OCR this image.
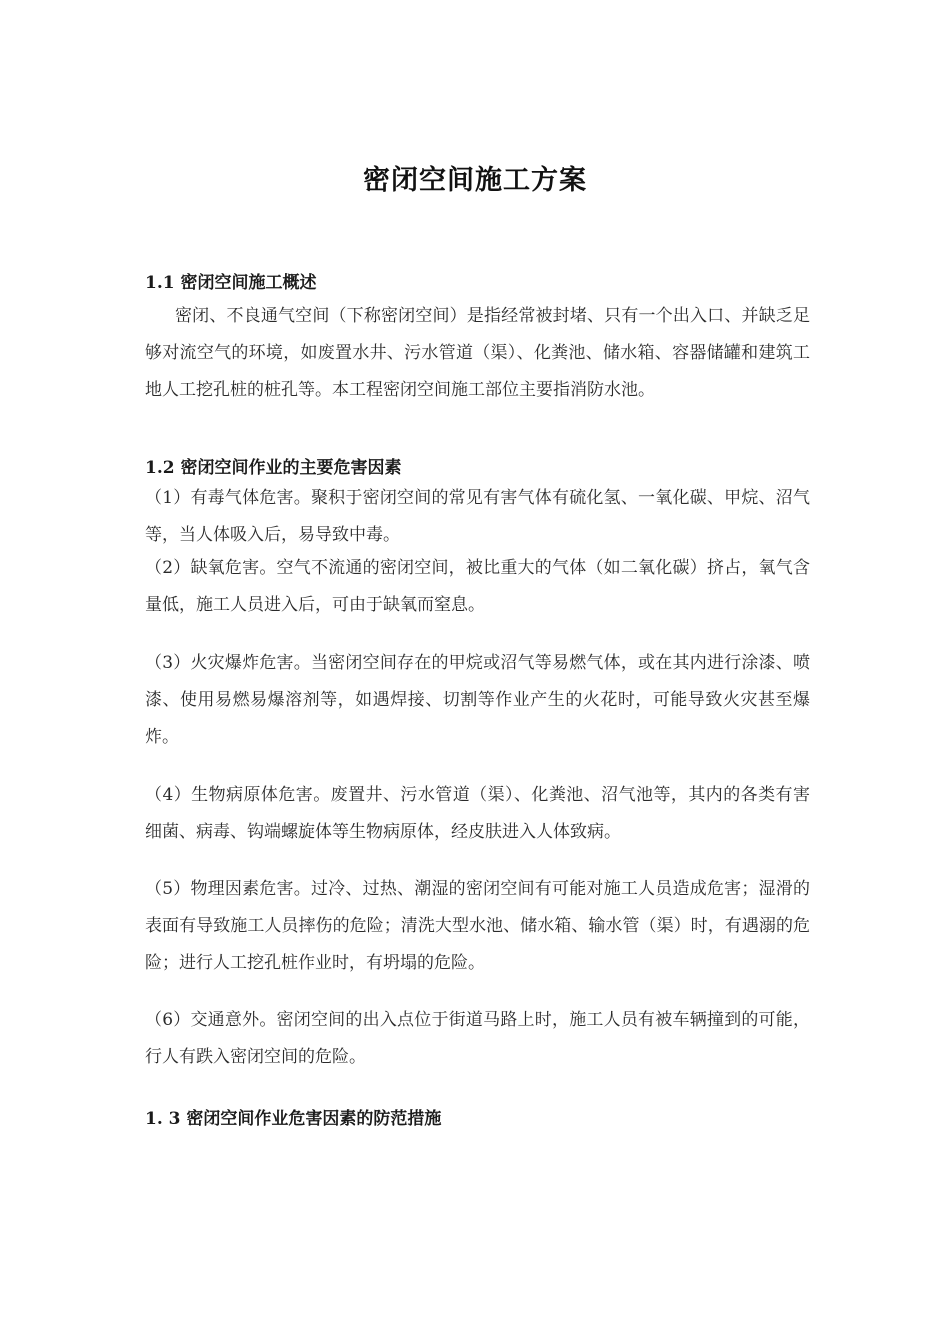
密闭空间施工方案
1.1 密闭空间施工概述
密闭、不良通气空间（下称密闭空间）是指经常被封堵、只有一个出入口、并缺乏足够对流空气的环境，如废置水井、污水管道（渠）、化粪池、储水箱、容器储罐和建筑工地人工挖孔桩的桩孔等。本工程密闭空间施工部位主要指消防水池。
1.2 密闭空间作业的主要危害因素
（1）有毒气体危害。聚积于密闭空间的常见有害气体有硫化氢、一氧化碳、甲烷、沼气等，当人体吸入后，易导致中毒。
（2）缺氧危害。空气不流通的密闭空间，被比重大的气体（如二氧化碳）挤占，氧气含量低，施工人员进入后，可由于缺氧而窒息。
（3）火灾爆炸危害。当密闭空间存在的甲烷或沼气等易燃气体，或在其内进行涂漆、喷漆、使用易燃易爆溶剂等，如遇焊接、切割等作业产生的火花时，可能导致火灾甚至爆炸。
（4）生物病原体危害。废置井、污水管道（渠）、化粪池、沼气池等，其内的各类有害细菌、病毒、钩端螺旋体等生物病原体，经皮肤进入人体致病。
（5）物理因素危害。过冷、过热、潮湿的密闭空间有可能对施工人员造成危害；湿滑的表面有导致施工人员摔伤的危险；清洗大型水池、储水箱、输水管（渠）时，有遇溺的危险；进行人工挖孔桩作业时，有坍塌的危险。
（6）交通意外。密闭空间的出入点位于街道马路上时，施工人员有被车辆撞到的可能，行人有跌入密闭空间的危险。
1. 3 密闭空间作业危害因素的防范措施
